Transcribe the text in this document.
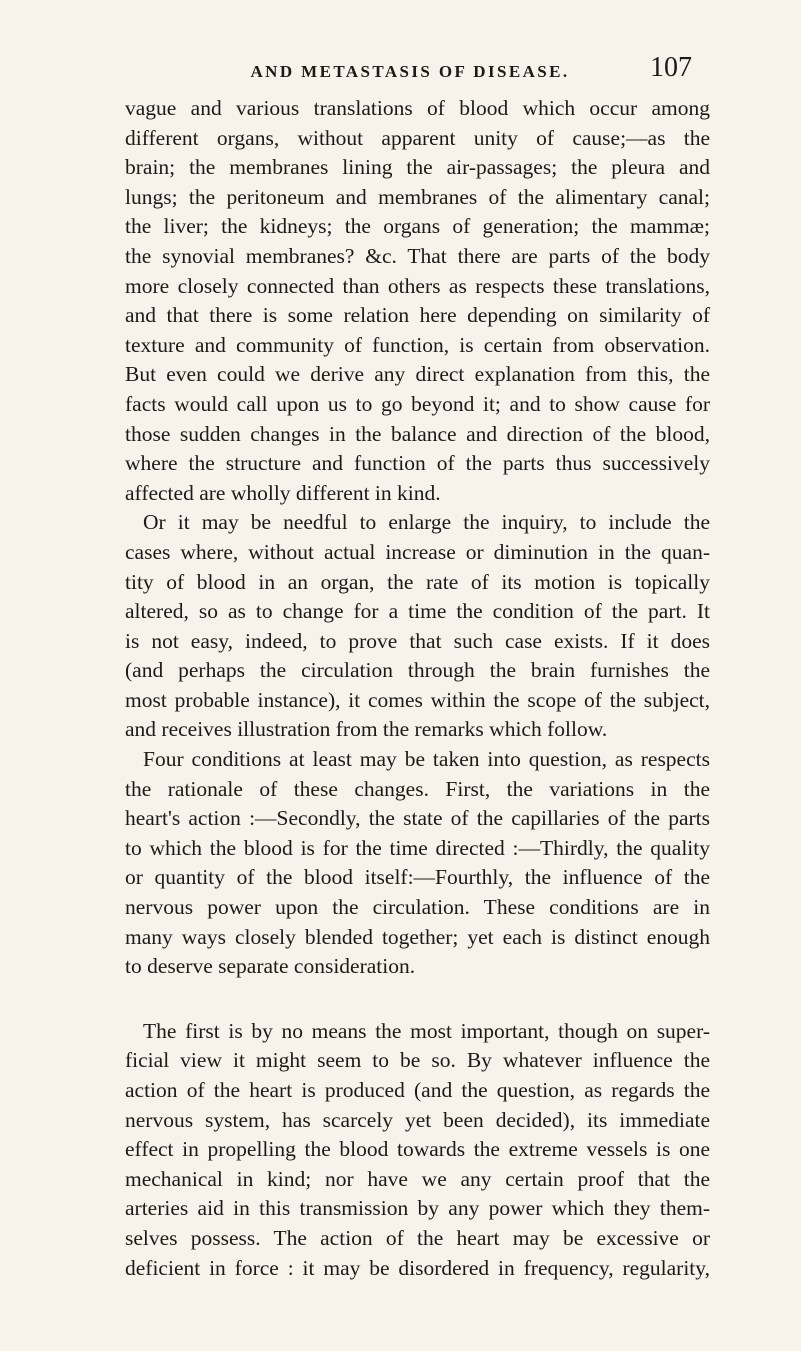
AND METASTASIS OF DISEASE.	107
vague and various translations of blood which occur among
different organs, without apparent unity of cause;—as the
brain; the membranes lining the air-passages; the pleura and
lungs; the peritoneum and membranes of the alimentary canal;
the liver; the kidneys; the organs of generation; the mammæ;
the synovial membranes? &c. That there are parts of the body
more closely connected than others as respects these translations,
and that there is some relation here depending on similarity of
texture and community of function, is certain from observation.
But even could we derive any direct explanation from this, the
facts would call upon us to go beyond it; and to show cause for
those sudden changes in the balance and direction of the blood,
where the structure and function of the parts thus successively
affected are wholly different in kind.
Or it may be needful to enlarge the inquiry, to include the
cases where, without actual increase or diminution in the quan-
tity of blood in an organ, the rate of its motion is topically
altered, so as to change for a time the condition of the part. It
is not easy, indeed, to prove that such case exists. If it does
(and perhaps the circulation through the brain furnishes the
most probable instance), it comes within the scope of the subject,
and receives illustration from the remarks which follow.
Four conditions at least may be taken into question, as respects
the rationale of these changes. First, the variations in the
heart's action :—Secondly, the state of the capillaries of the parts
to which the blood is for the time directed :—Thirdly, the quality
or quantity of the blood itself:—Fourthly, the influence of the
nervous power upon the circulation. These conditions are in
many ways closely blended together; yet each is distinct enough
to deserve separate consideration.
The first is by no means the most important, though on super-
ficial view it might seem to be so. By whatever influence the
action of the heart is produced (and the question, as regards the
nervous system, has scarcely yet been decided), its immediate
effect in propelling the blood towards the extreme vessels is one
mechanical in kind; nor have we any certain proof that the
arteries aid in this transmission by any power which they them-
selves possess. The action of the heart may be excessive or
deficient in force : it may be disordered in frequency, regularity,
